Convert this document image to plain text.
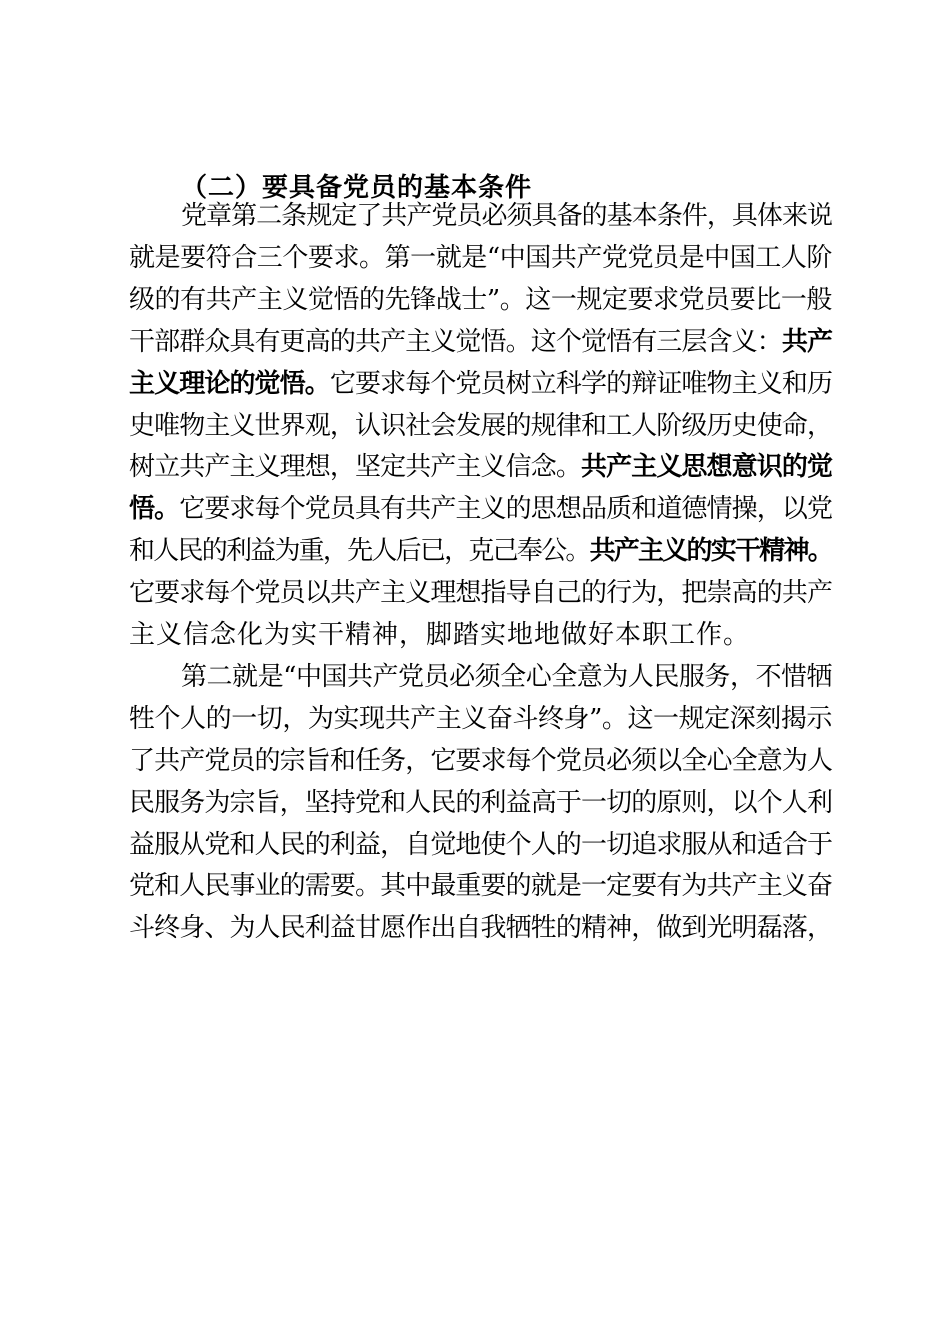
（二）要具备党员的基本条件
党章第二条规定了共产党员必须具备的基本条件，具体来说
就是要符合三个要求。第一就是“中国共产党党员是中国工人阶
级的有共产主义觉悟的先锋战士”。这一规定要求党员要比一般
干部群众具有更高的共产主义觉悟。这个觉悟有三层含义：共产
主义理论的觉悟。它要求每个党员树立科学的辩证唯物主义和历
史唯物主义世界观，认识社会发展的规律和工人阶级历史使命，
树立共产主义理想，坚定共产主义信念。共产主义思想意识的觉
悟。它要求每个党员具有共产主义的思想品质和道德情操，以党
和人民的利益为重，先人后已，克己奉公。共产主义的实干精神。
它要求每个党员以共产主义理想指导自己的行为，把崇高的共产
主义信念化为实干精神，脚踏实地地做好本职工作。
第二就是“中国共产党员必须全心全意为人民服务，不惜牺
牲个人的一切，为实现共产主义奋斗终身”。这一规定深刻揭示
了共产党员的宗旨和任务，它要求每个党员必须以全心全意为人
民服务为宗旨，坚持党和人民的利益高于一切的原则，以个人利
益服从党和人民的利益，自觉地使个人的一切追求服从和适合于
党和人民事业的需要。其中最重要的就是一定要有为共产主义奋
斗终身、为人民利益甘愿作出自我牺牲的精神，做到光明磊落，
